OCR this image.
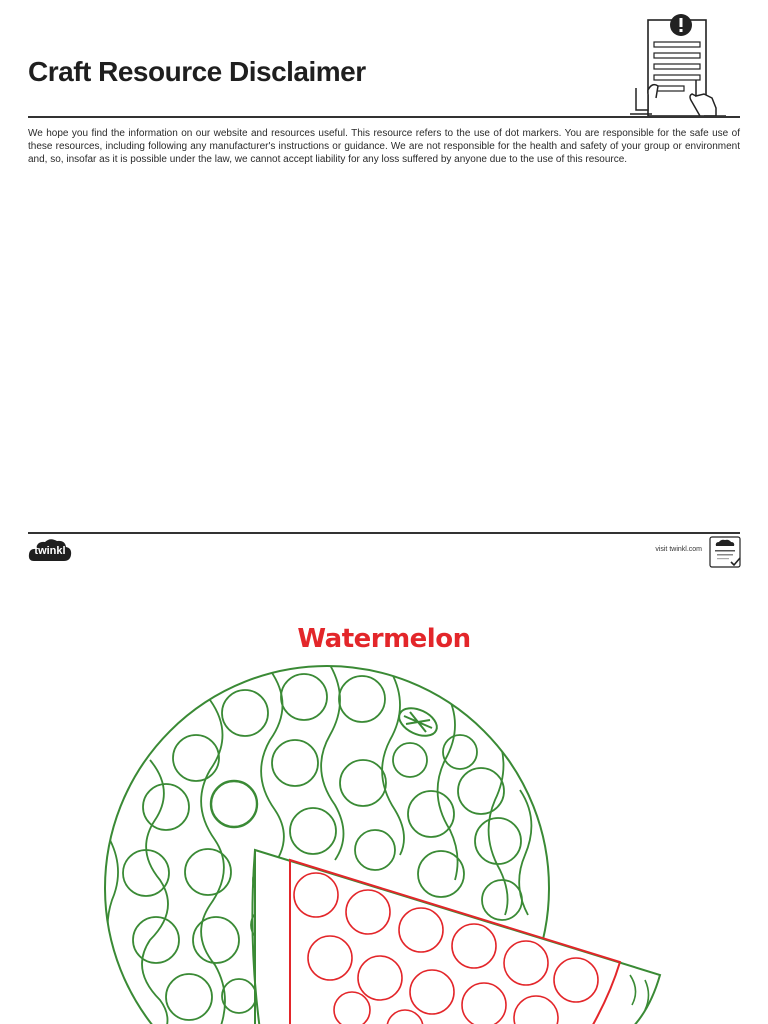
Craft Resource Disclaimer

We hope you find the information on our website and resources useful. This resource refers to the use of dot markers. You are responsible for the safe use of these resources, including following any manufacturer's instructions or guidance. We are not responsible for the health and safety of your group or environment and, so, insofar as it is possible under the law, we cannot accept liability for any loss suffered by anyone due to the use of this resource.

twinkl	visit twinkl.com
Watermelon
